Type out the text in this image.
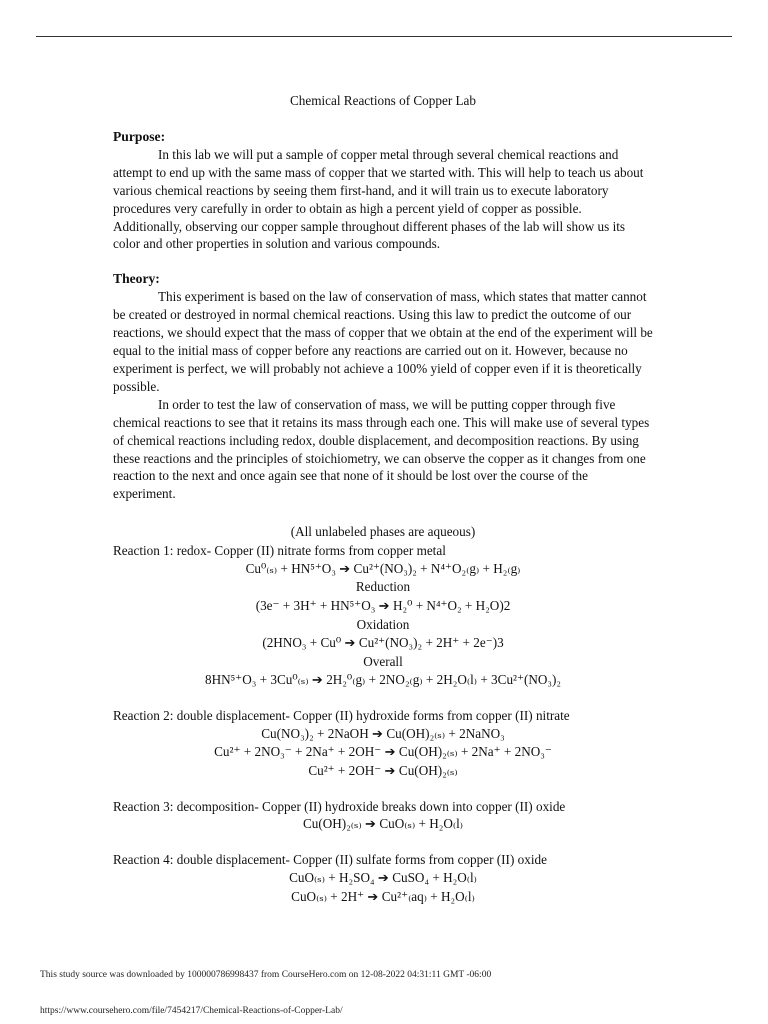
Chemical Reactions of Copper Lab
Purpose:

In this lab we will put a sample of copper metal through several chemical reactions and attempt to end up with the same mass of copper that we started with. This will help to teach us about various chemical reactions by seeing them first-hand, and it will train us to execute laboratory procedures very carefully in order to obtain as high a percent yield of copper as possible. Additionally, observing our copper sample throughout different phases of the lab will show us its color and other properties in solution and various compounds.

Theory:

This experiment is based on the law of conservation of mass, which states that matter cannot be created or destroyed in normal chemical reactions. Using this law to predict the outcome of our reactions, we should expect that the mass of copper that we obtain at the end of the experiment will be equal to the initial mass of copper before any reactions are carried out on it. However, because no experiment is perfect, we will probably not achieve a 100% yield of copper even if it is theoretically possible.

In order to test the law of conservation of mass, we will be putting copper through five chemical reactions to see that it retains its mass through each one. This will make use of several types of chemical reactions including redox, double displacement, and decomposition reactions. By using these reactions and the principles of stoichiometry, we can observe the copper as it changes from one reaction to the next and once again see that none of it should be lost over the course of the experiment.

(All unlabeled phases are aqueous)

Reaction 1: redox- Copper (II) nitrate forms from copper metal

Cu⁰₍ₛ₎ + HN⁵⁺O₃ ➔ Cu²⁺(NO₃)₂ + N⁴⁺O₂₍g₎ + H₂₍g₎
Reduction
(3e⁻ + 3H⁺ + HN⁵⁺O₃ ➔ H₂⁰ + N⁴⁺O₂ + H₂O)2
Oxidation
(2HNO₃ + Cu⁰ ➔ Cu²⁺(NO₃)₂ + 2H⁺ + 2e⁻)3
Overall
8HN⁵⁺O₃ + 3Cu⁰₍ₛ₎ ➔ 2H₂⁰₍g₎ + 2NO₂₍g₎ + 2H₂O₍l₎ + 3Cu²⁺(NO₃)₂

Reaction 2: double displacement- Copper (II) hydroxide forms from copper (II) nitrate

Cu(NO₃)₂ + 2NaOH ➔ Cu(OH)₂₍ₛ₎ + 2NaNO₃
Cu²⁺ + 2NO₃⁻ + 2Na⁺ + 2OH⁻ ➔ Cu(OH)₂₍ₛ₎ + 2Na⁺ + 2NO₃⁻
Cu²⁺ + 2OH⁻ ➔ Cu(OH)₂₍ₛ₎

Reaction 3: decomposition- Copper (II) hydroxide breaks down into copper (II) oxide

Cu(OH)₂₍ₛ₎ ➔ CuO₍ₛ₎ + H₂O₍l₎

Reaction 4: double displacement- Copper (II) sulfate forms from copper (II) oxide

CuO₍ₛ₎ + H₂SO₄ ➔ CuSO₄ + H₂O₍l₎
CuO₍ₛ₎ + 2H⁺ ➔ Cu²⁺₍aq₎ + H₂O₍l₎
This study source was downloaded by 100000786998437 from CourseHero.com on 12-08-2022 04:31:11 GMT -06:00
https://www.coursehero.com/file/7454217/Chemical-Reactions-of-Copper-Lab/
